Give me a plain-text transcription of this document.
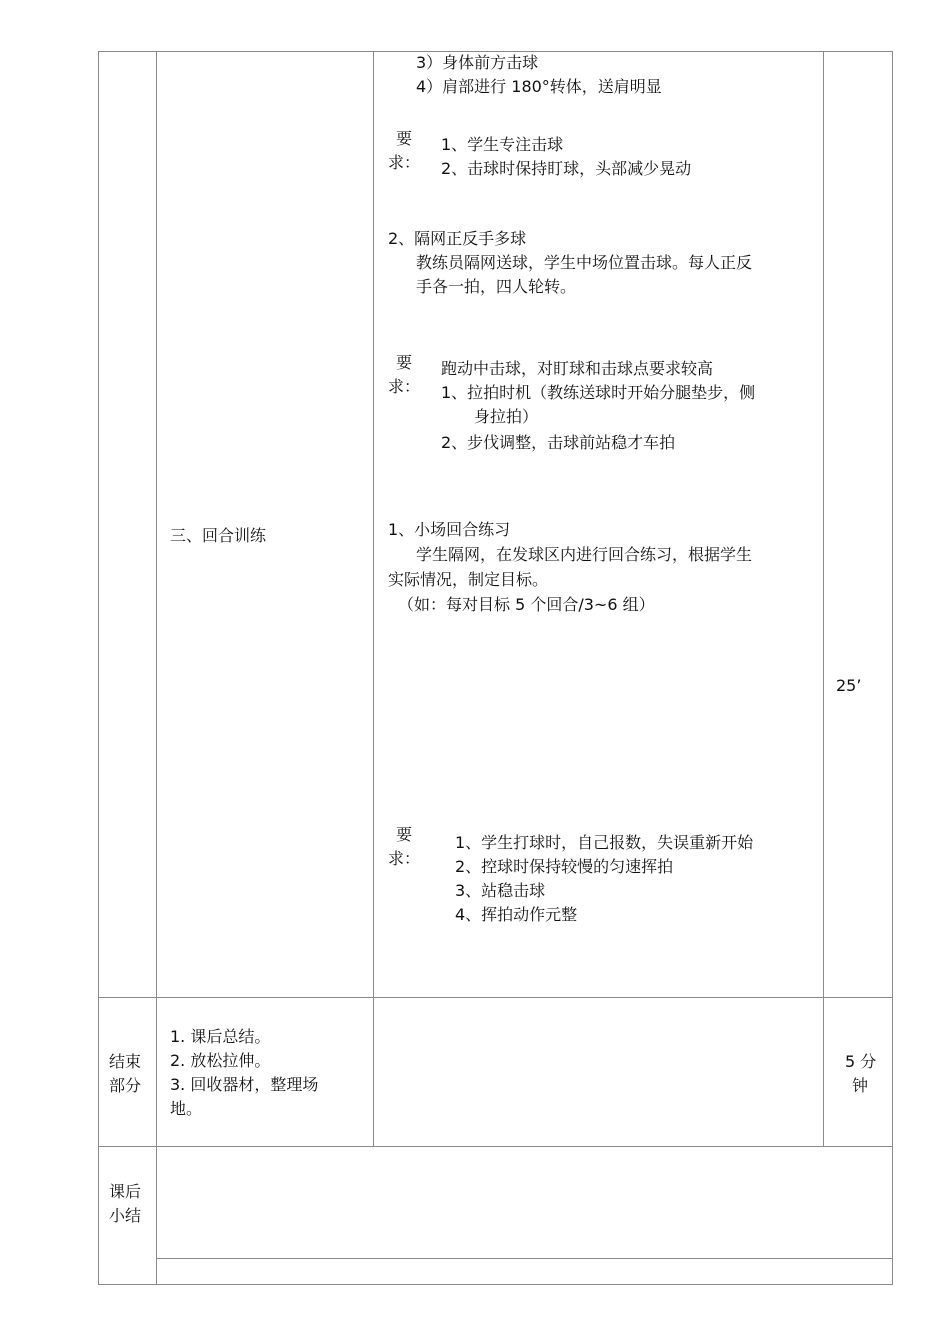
3）身体前方击球
4）肩部进行 180°转体，送肩明显
要
求：
1、学生专注击球
2、击球时保持盯球，头部减少晃动
2、隔网正反手多球
教练员隔网送球，学生中场位置击球。每人正反
手各一拍，四人轮转。
要
求：
跑动中击球，对盯球和击球点要求较高
1、拉拍时机（教练送球时开始分腿垫步，侧
身拉拍）
2、步伐调整，击球前站稳才车拍
1、小场回合练习
学生隔网，在发球区内进行回合练习，根据学生
实际情况，制定目标。
（如：每对目标 5 个回合/3~6 组）
要
求：
1、学生打球时，自己报数，失误重新开始
2、控球时保持较慢的匀速挥拍
3、站稳击球
4、挥拍动作元整
三、回合训练
25’
结束
部分
1. 课后总结。
2. 放松拉伸。
3. 回收器材，整理场
地。
5 分
钟
课后
小结
